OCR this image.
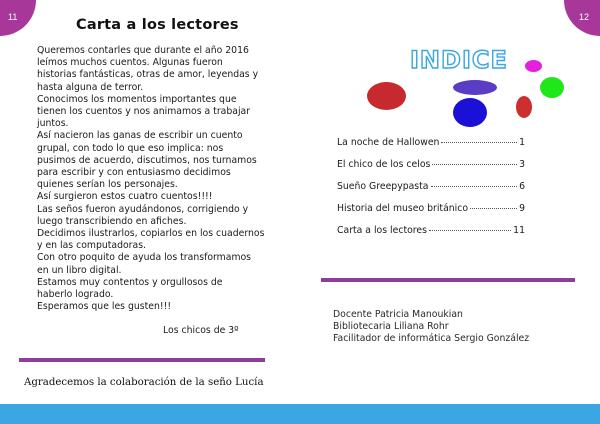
11	Carta a los lectores
Queremos contarles que durante el año 2016
leímos muchos cuentos. Algunas fueron
historias fantásticas, otras de amor, leyendas y
hasta alguna de terror.
Conocimos los momentos importantes que
tienen los cuentos y nos animamos a trabajar
juntos.
Así nacieron las ganas de escribir un cuento
grupal, con todo lo que eso implica: nos
pusimos de acuerdo, discutimos, nos turnamos
para escribir y con entusiasmo decidimos
quienes serían los personajes.
Así surgieron estos cuatro cuentos!!!!
Las seños fueron ayudándonos, corrigiendo y
luego transcribiendo en afiches.
Decidimos ilustrarlos, copiarlos en los cuadernos
y en las computadoras.
Con otro poquito de ayuda los transformamos
en un libro digital.
Estamos muy contentos y orgullosos de
haberlo logrado.
Esperamos que les gusten!!!
Los chicos de 3º
Agradecemos la colaboración de la seño Lucía
12
INDICE
La noche de Hallowen	1
El chico de los celos	3
Sueño Greepypasta	6
Historia del museo británico	9
Carta a los lectores	11
Docente Patricia Manoukian
Bibliotecaria Liliana Rohr
Facilitador de informática Sergio González
